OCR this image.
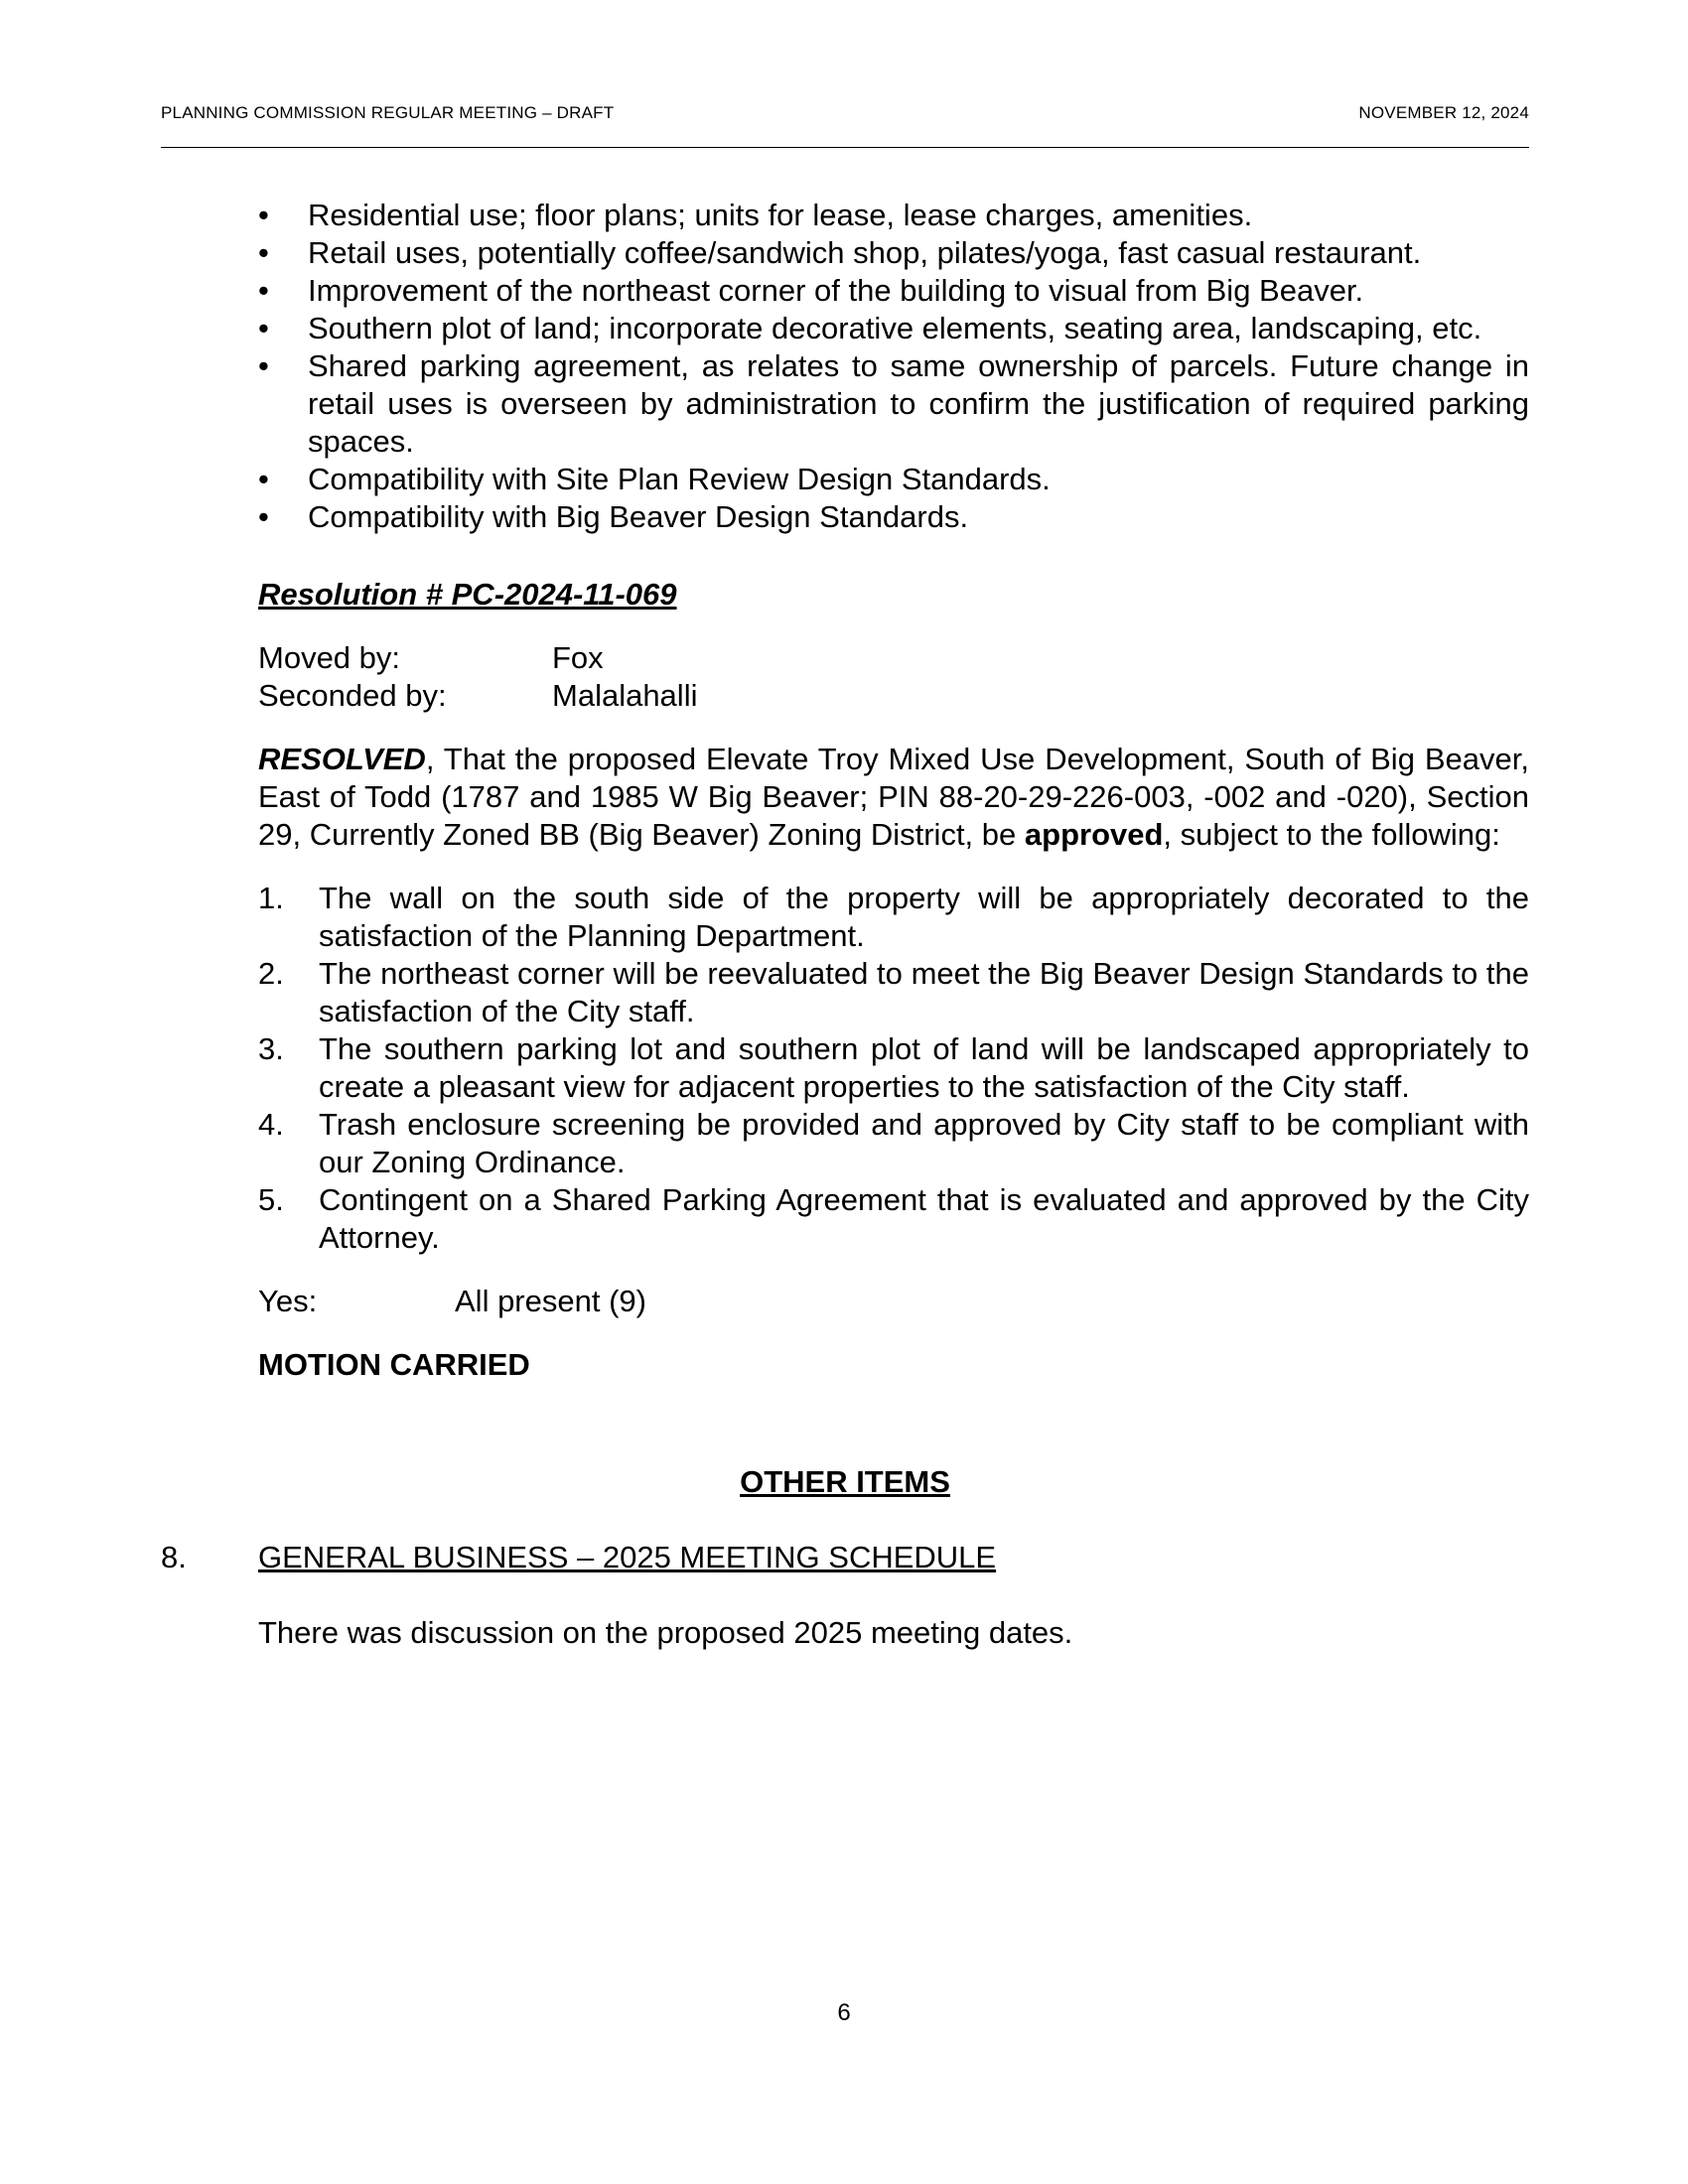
PLANNING COMMISSION REGULAR MEETING – DRAFT	NOVEMBER 12, 2024
• Residential use; floor plans; units for lease, lease charges, amenities.
• Retail uses, potentially coffee/sandwich shop, pilates/yoga, fast casual restaurant.
• Improvement of the northeast corner of the building to visual from Big Beaver.
• Southern plot of land; incorporate decorative elements, seating area, landscaping, etc.
• Shared parking agreement, as relates to same ownership of parcels. Future change in retail uses is overseen by administration to confirm the justification of required parking spaces.
• Compatibility with Site Plan Review Design Standards.
• Compatibility with Big Beaver Design Standards.
Resolution # PC-2024-11-069
Moved by:	Fox
Seconded by:	Malalahalli
RESOLVED, That the proposed Elevate Troy Mixed Use Development, South of Big Beaver, East of Todd (1787 and 1985 W Big Beaver; PIN 88-20-29-226-003, -002 and -020), Section 29, Currently Zoned BB (Big Beaver) Zoning District, be approved, subject to the following:
1. The wall on the south side of the property will be appropriately decorated to the satisfaction of the Planning Department.
2. The northeast corner will be reevaluated to meet the Big Beaver Design Standards to the satisfaction of the City staff.
3. The southern parking lot and southern plot of land will be landscaped appropriately to create a pleasant view for adjacent properties to the satisfaction of the City staff.
4. Trash enclosure screening be provided and approved by City staff to be compliant with our Zoning Ordinance.
5. Contingent on a Shared Parking Agreement that is evaluated and approved by the City Attorney.
Yes:	All present (9)
MOTION CARRIED
OTHER ITEMS
8. GENERAL BUSINESS – 2025 MEETING SCHEDULE
There was discussion on the proposed 2025 meeting dates.
6
